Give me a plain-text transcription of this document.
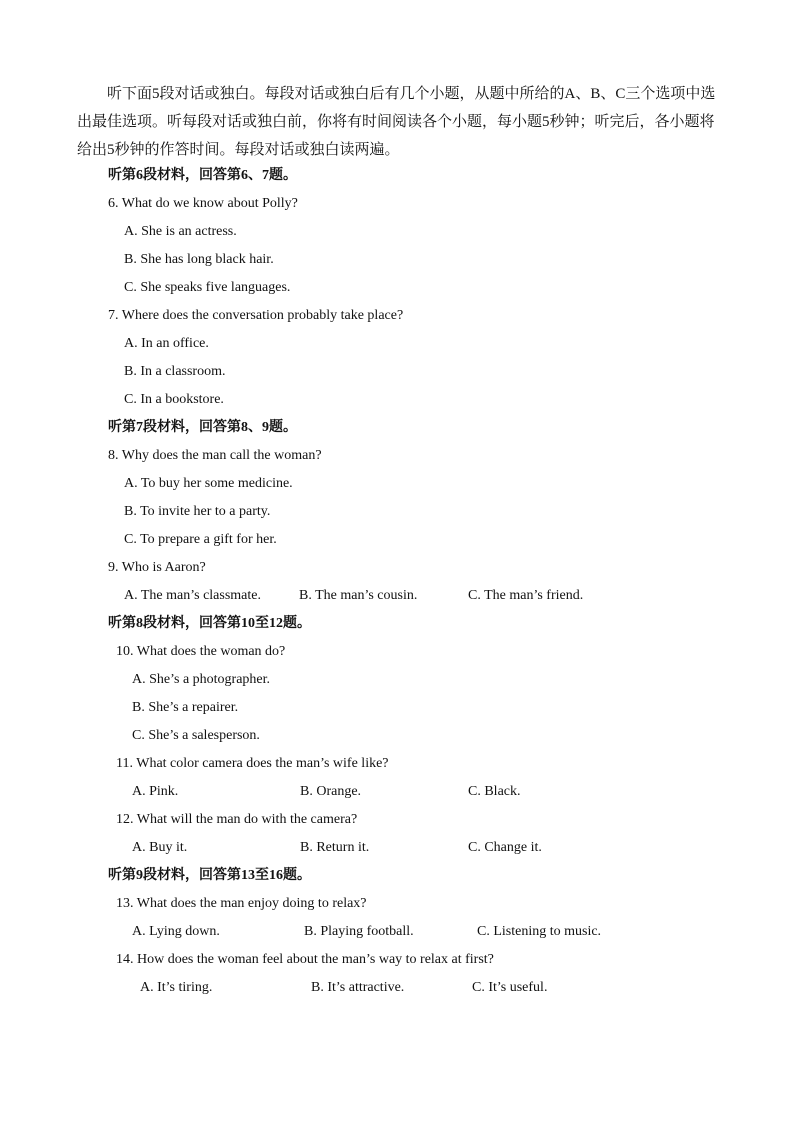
听下面5段对话或独白。每段对话或独白后有几个小题，从题中所给的A、B、C三个选项中选出最佳选项。听每段对话或独白前，你将有时间阅读各个小题，每小题5秒钟；听完后，各小题将给出5秒钟的作答时间。每段对话或独白读两遍。
听第6段材料，回答第6、7题。
6. What do we know about Polly?
A. She is an actress.
B. She has long black hair.
C. She speaks five languages.
7. Where does the conversation probably take place?
A. In an office.
B. In a classroom.
C. In a bookstore.
听第7段材料，回答第8、9题。
8. Why does the man call the woman?
A. To buy her some medicine.
B. To invite her to a party.
C. To prepare a gift for her.
9. Who is Aaron?
A. The man’s classmate.	B. The man’s cousin.	C. The man’s friend.
听第8段材料，回答第10至12题。
10. What does the woman do?
A. She’s a photographer.
B. She’s a repairer.
C. She’s a salesperson.
11. What color camera does the man’s wife like?
A. Pink.	B. Orange.	C. Black.
12. What will the man do with the camera?
A. Buy it.	B. Return it.	C. Change it.
听第9段材料，回答第13至16题。
13. What does the man enjoy doing to relax?
A. Lying down.	B. Playing football.	C. Listening to music.
14. How does the woman feel about the man’s way to relax at first?
A. It’s tiring.	B. It’s attractive.	C. It’s useful.
